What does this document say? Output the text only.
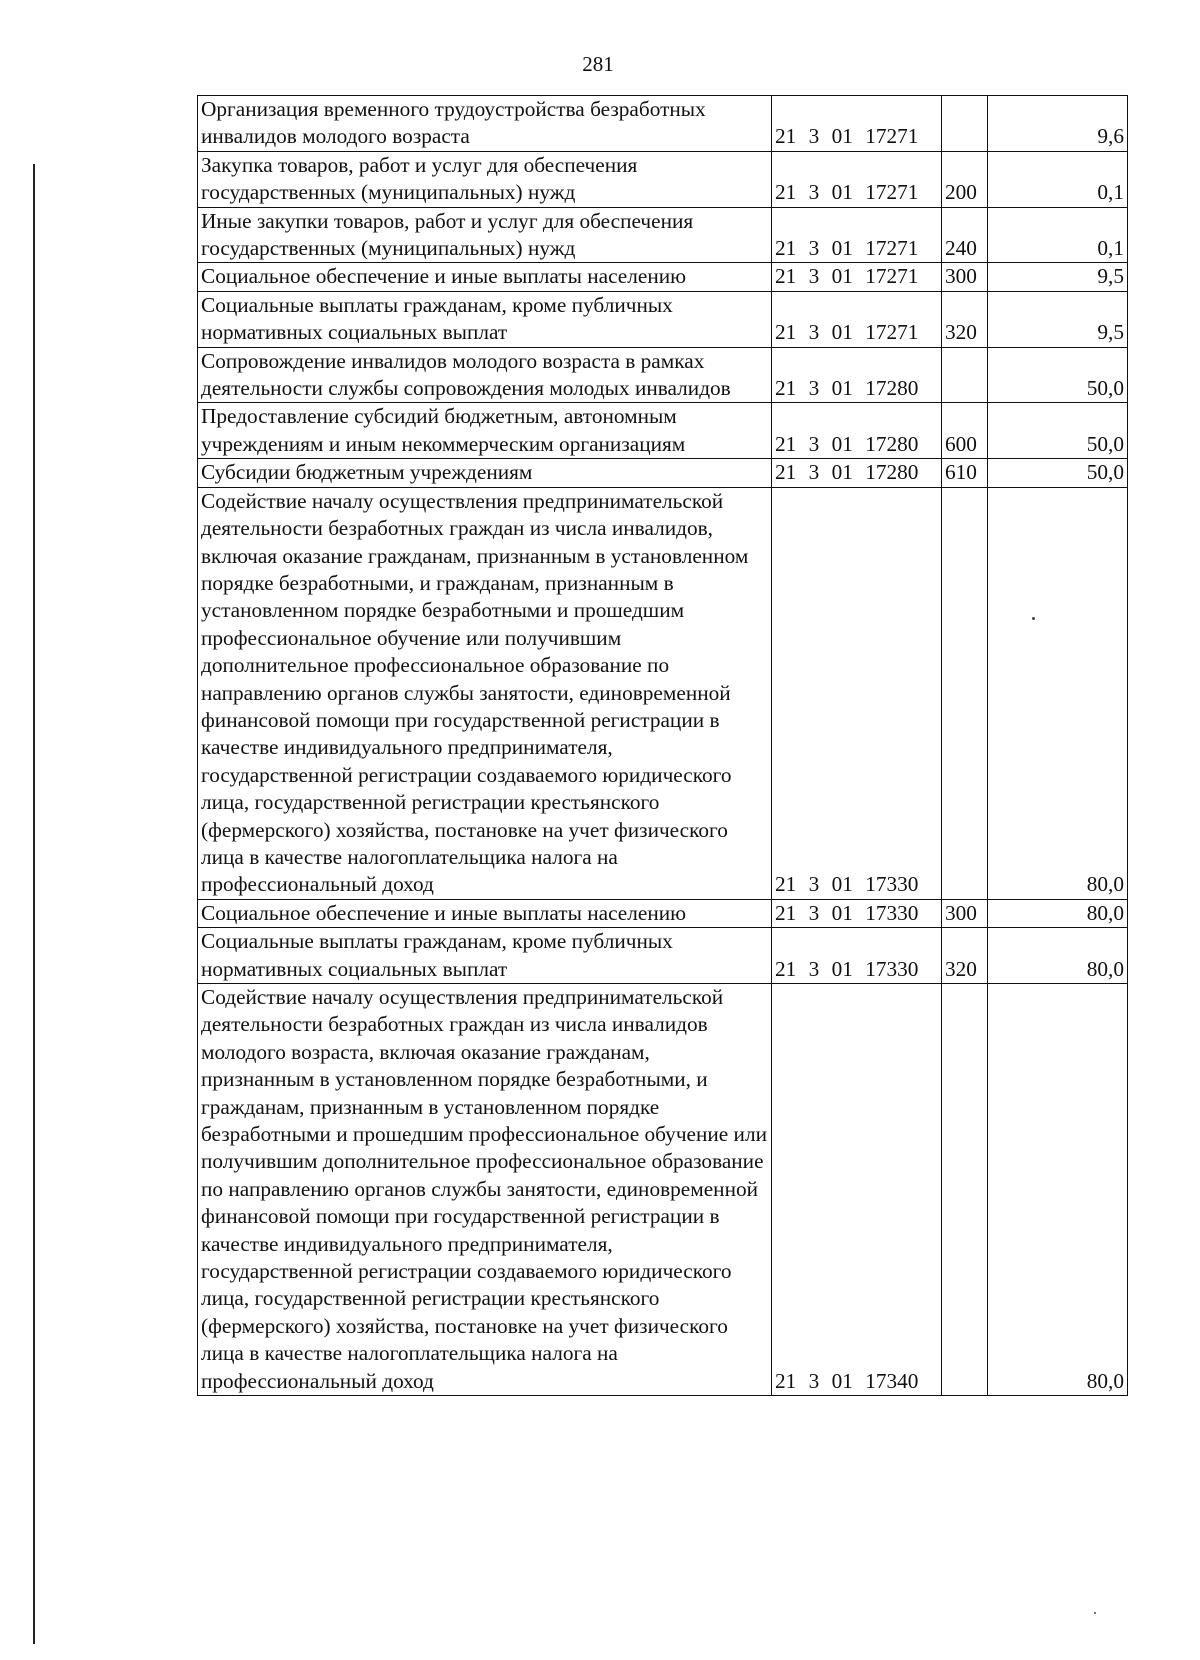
281
Организация временного трудоустройства безработных инвалидов молодого возраста	21 3 01 17271		9,6
Закупка товаров, работ и услуг для обеспечения государственных (муниципальных) нужд	21 3 01 17271	200	0,1
Иные закупки товаров, работ и услуг для обеспечения государственных (муниципальных) нужд	21 3 01 17271	240	0,1
Социальное обеспечение и иные выплаты населению	21 3 01 17271	300	9,5
Социальные выплаты гражданам, кроме публичных нормативных социальных выплат	21 3 01 17271	320	9,5
Сопровождение инвалидов молодого возраста в рамках деятельности службы сопровождения молодых инвалидов	21 3 01 17280		50,0
Предоставление субсидий бюджетным, автономным учреждениям и иным некоммерческим организациям	21 3 01 17280	600	50,0
Субсидии бюджетным учреждениям	21 3 01 17280	610	50,0
Содействие началу осуществления предпринимательской деятельности безработных граждан из числа инвалидов, включая оказание гражданам, признанным в установленном порядке безработными, и гражданам, признанным в установленном порядке безработными и прошедшим профессиональное обучение или получившим дополнительное профессиональное образование по направлению органов службы занятости, единовременной финансовой помощи при государственной регистрации в качестве индивидуального предпринимателя, государственной регистрации создаваемого юридического лица, государственной регистрации крестьянского (фермерского) хозяйства, постановке на учет физического лица в качестве налогоплательщика налога на профессиональный доход	21 3 01 17330		80,0
Социальное обеспечение и иные выплаты населению	21 3 01 17330	300	80,0
Социальные выплаты гражданам, кроме публичных нормативных социальных выплат	21 3 01 17330	320	80,0
Содействие началу осуществления предпринимательской деятельности безработных граждан из числа инвалидов молодого возраста, включая оказание гражданам, признанным в установленном порядке безработными, и гражданам, признанным в установленном порядке безработными и прошедшим профессиональное обучение или получившим дополнительное профессиональное образование по направлению органов службы занятости, единовременной финансовой помощи при государственной регистрации в качестве индивидуального предпринимателя, государственной регистрации создаваемого юридического лица, государственной регистрации крестьянского (фермерского) хозяйства, постановке на учет физического лица в качестве налогоплательщика налога на профессиональный доход	21 3 01 17340		80,0
